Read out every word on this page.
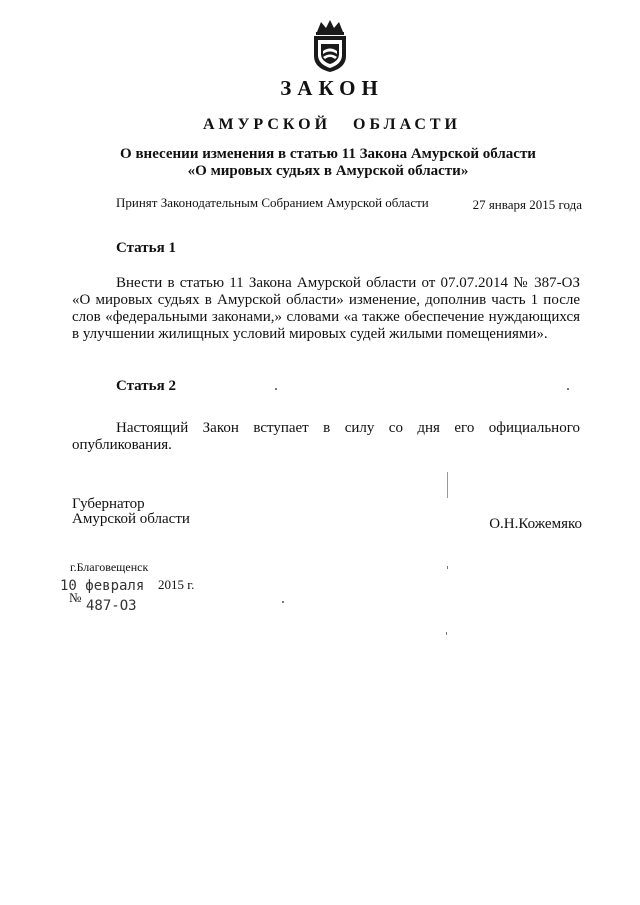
ЗАКОН
АМУРСКОЙ ОБЛАСТИ
О внесении изменения в статью 11 Закона Амурской области
«О мировых судьях в Амурской области»
Принят Законодательным Собранием Амурской области	27 января 2015 года
Статья 1
Внести в статью 11 Закона Амурской области от 07.07.2014 № 387-ОЗ «О мировых судьях в Амурской области» изменение, дополнив часть 1 после слов «федеральными законами,» словами «а также обеспечение нуждающихся в улучшении жилищных условий мировых судей жилыми помещениями».
Статья 2
Настоящий Закон вступает в силу со дня его официального опубликования.
Губернатор
Амурской области	О.Н.Кожемяко
г.Благовещенск
10 февраля 2015 г.
№
487-ОЗ
